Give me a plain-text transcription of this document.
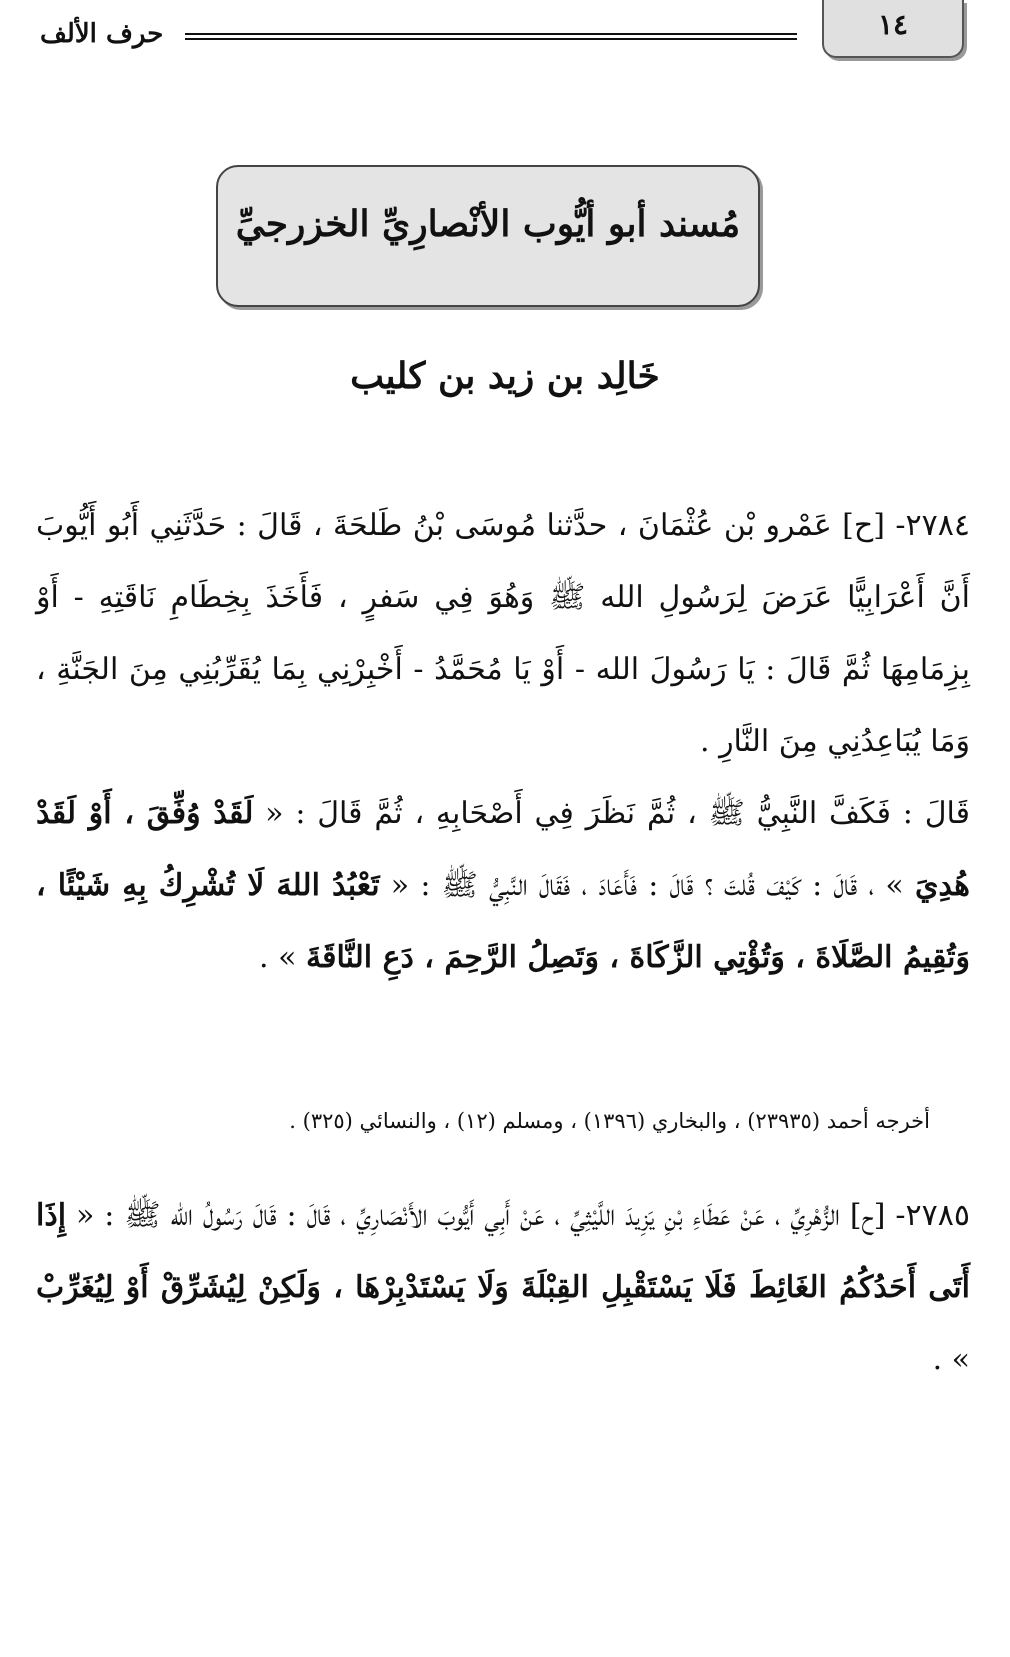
١٤
حرف الألف
مُسند أبو أيُّوب الأنْصارِيِّ الخزرجيِّ
خَالِد بن زيد بن كليب
٢٧٨٤- [ح] عَمْرو بْن عُثْمَانَ ، حدَّثنا مُوسَى بْنُ طَلحَةَ ، قَالَ : حَدَّثَنِي أَبُو أَيُّوبَ أَنَّ أَعْرَابِيًّا عَرَضَ لِرَسُولِ الله ﷺ وَهُوَ فِي سَفرٍ ، فَأَخَذَ بِخِطَامِ نَاقَتِهِ - أَوْ بِزِمَامِهَا ثُمَّ قَالَ : يَا رَسُولَ الله - أَوْ يَا مُحَمَّدُ - أَخْبِرْنِي بِمَا يُقَرِّبُنِي مِنَ الجَنَّةِ ، وَمَا يُبَاعِدُنِي مِنَ النَّارِ .
قَالَ : فَكَفَّ النَّبِيُّ ﷺ ، ثُمَّ نَظَرَ فِي أَصْحَابِهِ ، ثُمَّ قَالَ : « لَقَدْ وُفِّقَ ، أَوْ لَقَدْ هُدِيَ » ، قَالَ : كَيْفَ قُلتَ ؟ قَالَ : فَأَعَادَ ، فَقَالَ النَّبِيُّ ﷺ : « تَعْبُدُ اللهَ لَا تُشْرِكُ بِهِ شَيْئًا ، وَتُقِيمُ الصَّلَاةَ ، وَتُؤْتِي الزَّكَاةَ ، وَتَصِلُ الرَّحِمَ ، دَعِ النَّاقَةَ » .
أخرجه أحمد (٢٣٩٣٥) ، والبخاري (١٣٩٦) ، ومسلم (١٢) ، والنسائي (٣٢٥) .
٢٧٨٥- [ح] الزُّهْرِيِّ ، عَنْ عَطَاءِ بْنِ يَزِيدَ اللَّيْثِيِّ ، عَنْ أَبِي أَيُّوبَ الأَنْصَارِيِّ ، قَالَ : قَالَ رَسُولُ الله ﷺ : « إِذَا أَتَى أَحَدُكُمُ الغَائِطَ فَلَا يَسْتَقْبِلِ القِبْلَةَ وَلَا يَسْتَدْبِرْهَا ، وَلَكِنْ لِيُشَرِّقْ أَوْ لِيُغَرِّبْ » .
